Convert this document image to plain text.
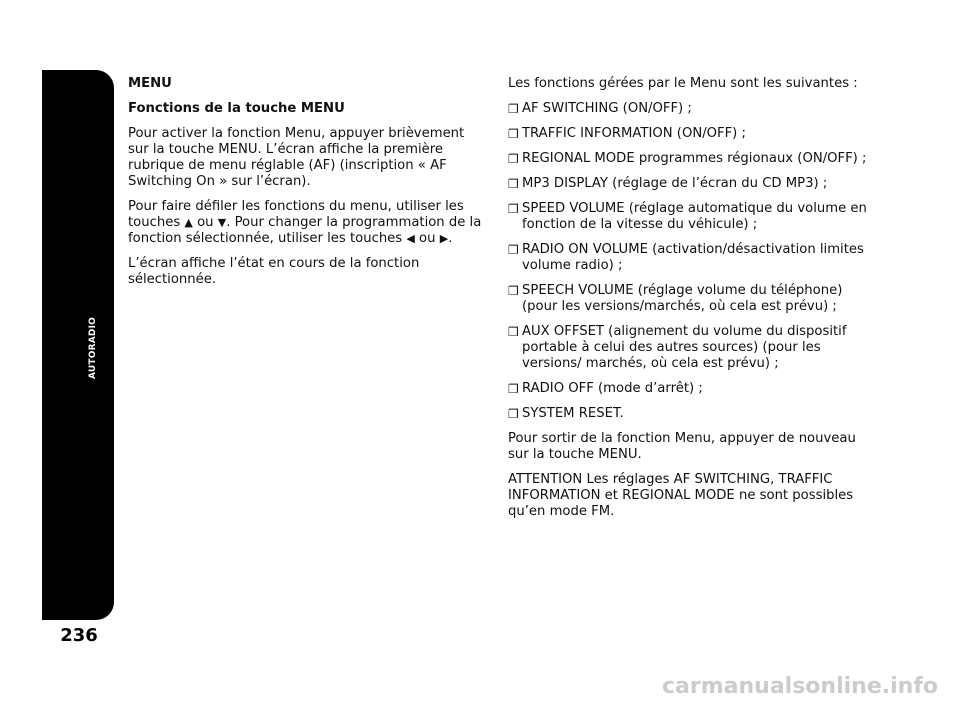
AUTORADIO
236
MENU
Fonctions de la touche MENU

Pour activer la fonction Menu, appuyer brièvement sur la touche MENU. L’écran affiche la première rubrique de menu réglable (AF) (inscription « AF Switching On » sur l’écran).

Pour faire défiler les fonctions du menu, utiliser les touches ▲ ou ▼. Pour changer la programmation de la fonction sélectionnée, utiliser les touches ◀ ou ▶.

L’écran affiche l’état en cours de la fonction sélectionnée.

Les fonctions gérées par le Menu sont les suivantes :

❒ AF SWITCHING (ON/OFF) ;
❒ TRAFFIC INFORMATION (ON/OFF) ;
❒ REGIONAL MODE programmes régionaux (ON/OFF) ;
❒ MP3 DISPLAY (réglage de l’écran du CD MP3) ;
❒ SPEED VOLUME (réglage automatique du volume en fonction de la vitesse du véhicule) ;
❒ RADIO ON VOLUME (activation/désactivation limites volume radio) ;
❒ SPEECH VOLUME (réglage volume du téléphone) (pour les versions/marchés, où cela est prévu) ;
❒ AUX OFFSET (alignement du volume du dispositif portable à celui des autres sources) (pour les versions/ marchés, où cela est prévu) ;
❒ RADIO OFF (mode d’arrêt) ;
❒ SYSTEM RESET.

Pour sortir de la fonction Menu, appuyer de nouveau sur la touche MENU.

ATTENTION Les réglages AF SWITCHING, TRAFFIC INFORMATION et REGIONAL MODE ne sont possibles qu’en mode FM.

carmanualsonline.info
